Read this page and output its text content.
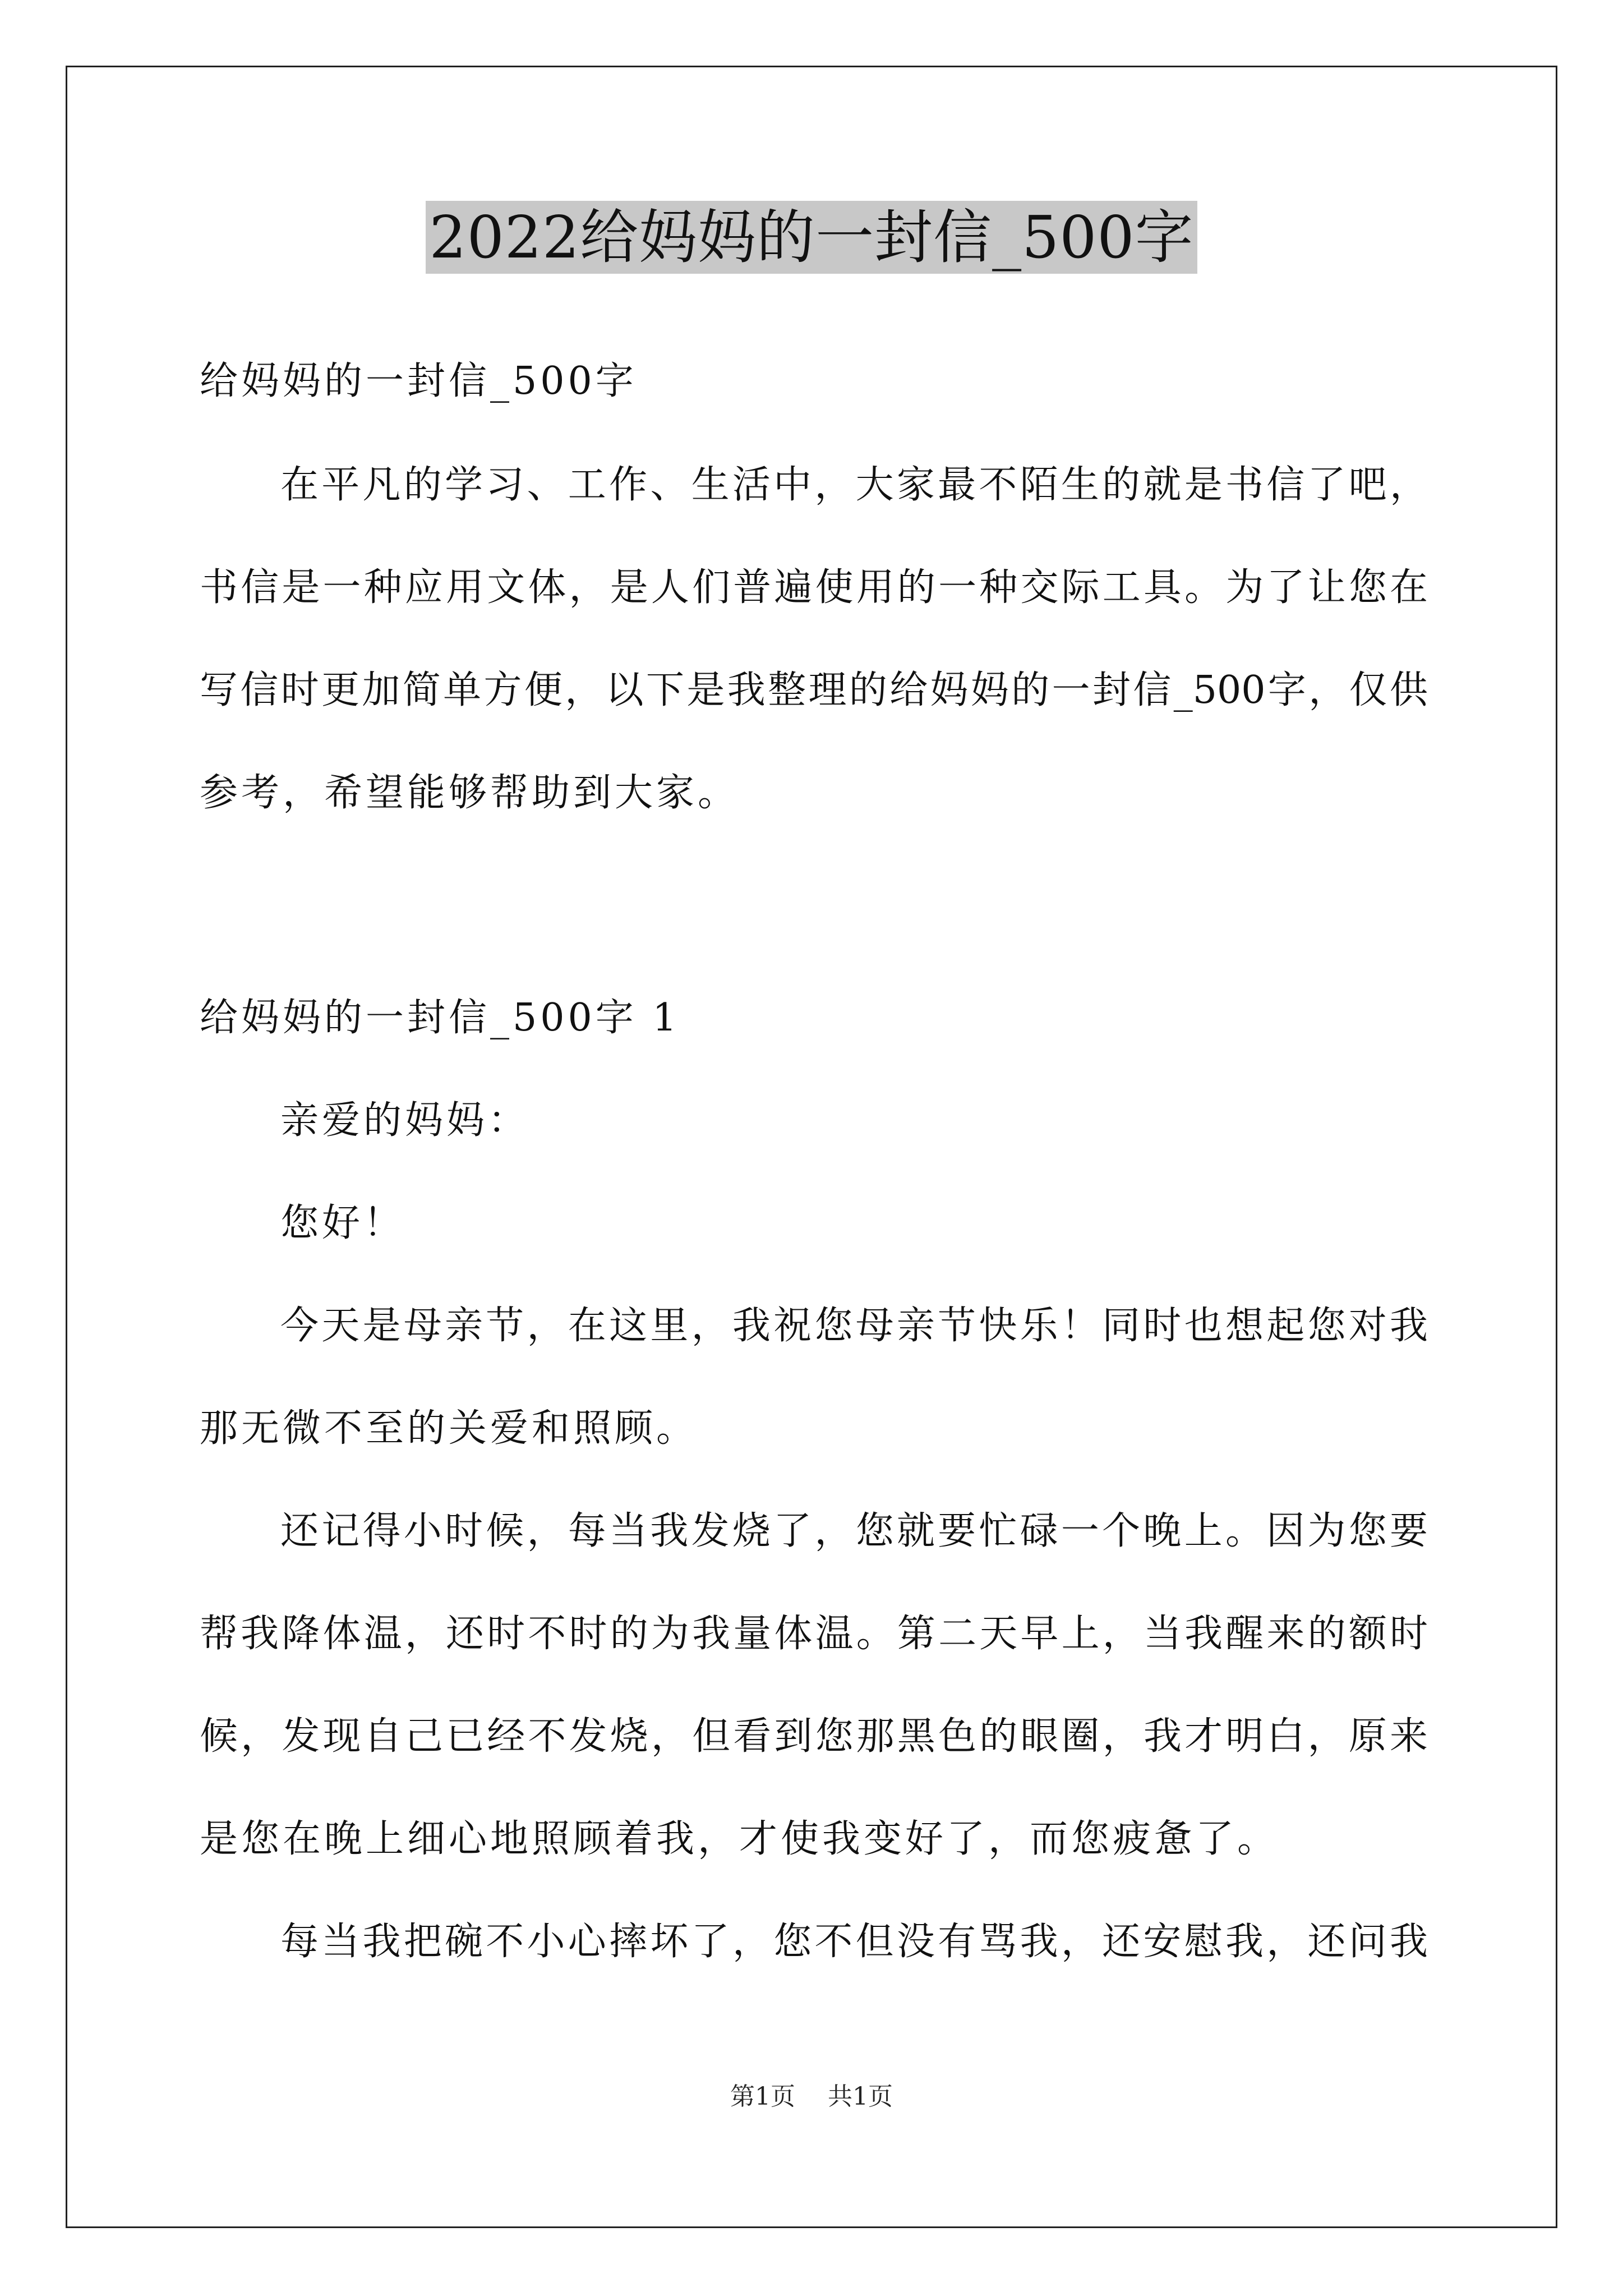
2022给妈妈的一封信_500字
给妈妈的一封信_500字
在平凡的学习、工作、生活中，大家最不陌生的就是书信了吧，
书信是一种应用文体，是人们普遍使用的一种交际工具。为了让您在
写信时更加简单方便，以下是我整理的给妈妈的一封信_500字，仅供
参考，希望能够帮助到大家。
给妈妈的一封信_500字 1
亲爱的妈妈：
您好！
今天是母亲节，在这里，我祝您母亲节快乐！同时也想起您对我
那无微不至的关爱和照顾。
还记得小时候，每当我发烧了，您就要忙碌一个晚上。因为您要
帮我降体温，还时不时的为我量体温。第二天早上，当我醒来的额时
候，发现自己已经不发烧，但看到您那黑色的眼圈，我才明白，原来
是您在晚上细心地照顾着我，才使我变好了，而您疲惫了。
每当我把碗不小心摔坏了，您不但没有骂我，还安慰我，还问我
第1页 共1页
